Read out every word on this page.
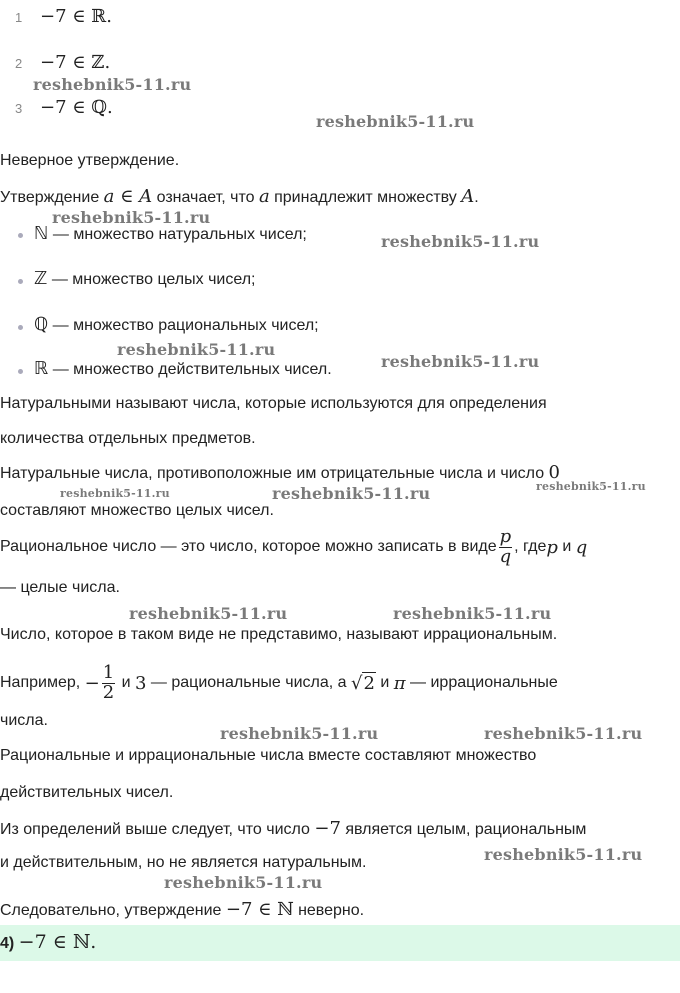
1 −7 ∈ ℝ.
2 −7 ∈ ℤ.
3 −7 ∈ ℚ.
Неверное утверждение.
Утверждение a ∈ A означает, что a принадлежит множеству A.
ℕ — множество натуральных чисел;
ℤ — множество целых чисел;
ℚ — множество рациональных чисел;
ℝ — множество действительных чисел.
Натуральными называют числа, которые используются для определения
количества отдельных предметов.
Натуральные числа, противоположные им отрицательные числа и число 0
составляют множество целых чисел.
Рациональное число — это число, которое можно записать в виде $\frac{p}{q}$ , где p и q
— целые числа.
Число, которое в таком виде не представимо, называют иррациональным.
Например, − $\frac{1}{2}$ и 3 — рациональные числа, а √2 и π — иррациональные
числа.
Рациональные и иррациональные числа вместе составляют множество
действительных чисел.
Из определений выше следует, что число −7 является целым, рациональным
и действительным, но не является натуральным.
Следовательно, утверждение −7 ∈ ℕ неверно.
4) −7 ∈ ℕ.
reshebnik5-11.ru
reshebnik5-11.ru
reshebnik5-11.ru
reshebnik5-11.ru
reshebnik5-11.ru
reshebnik5-11.ru
reshebnik5-11.ru	reshebnik5-11.ru	reshebnik5-11.ru
reshebnik5-11.ru	reshebnik5-11.ru
reshebnik5-11.ru	reshebnik5-11.ru
reshebnik5-11.ru
reshebnik5-11.ru
